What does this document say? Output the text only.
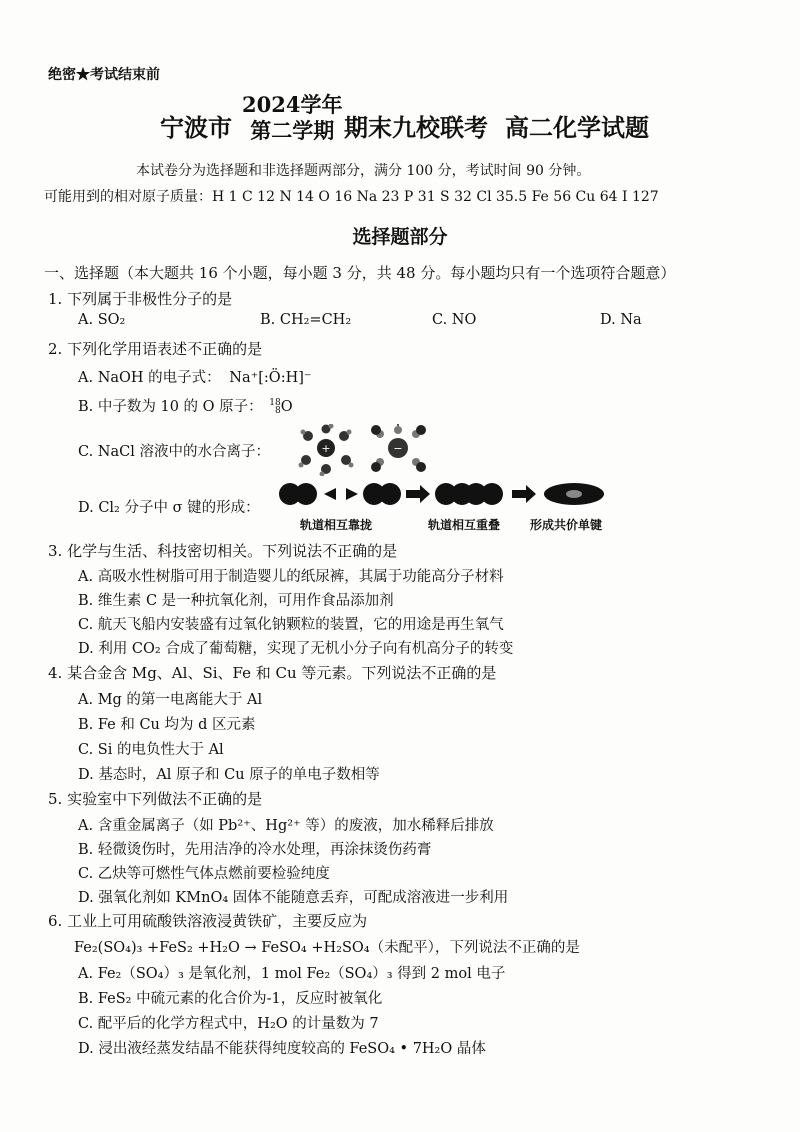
绝密★考试结束前
宁波市
2024学年
第二学期 期末九校联考 高二化学试题
本试卷分为选择题和非选择题两部分，满分 100 分，考试时间 90 分钟。
可能用到的相对原子质量：H 1 C 12 N 14 O 16 Na 23 P 31 S 32 Cl 35.5 Fe 56 Cu 64 I 127
选择题部分
一、选择题（本大题共 16 个小题，每小题 3 分，共 48 分。每小题均只有一个选项符合题意）
1. 下列属于非极性分子的是
A. SO₂	B. CH₂=CH₂	C. NO	D. Na
2. 下列化学用语表述不正确的是
A. NaOH 的电子式： Na⁺[:Ö:H]⁻
B. 中子数为 10 的 O 原子： 18
8 O
C. NaCl 溶液中的水合离子：	+	−
D. Cl₂ 分子中 σ 键的形成：
轨道相互靠拢	轨道相互重叠 形成共价单键
3. 化学与生活、科技密切相关。下列说法不正确的是
A. 高吸水性树脂可用于制造婴儿的纸尿裤，其属于功能高分子材料
B. 维生素 C 是一种抗氧化剂，可用作食品添加剂
C. 航天飞船内安装盛有过氧化钠颗粒的装置，它的用途是再生氧气
D. 利用 CO₂ 合成了葡萄糖，实现了无机小分子向有机高分子的转变
4. 某合金含 Mg、Al、Si、Fe 和 Cu 等元素。下列说法不正确的是
A. Mg 的第一电离能大于 Al
B. Fe 和 Cu 均为 d 区元素
C. Si 的电负性大于 Al
D. 基态时，Al 原子和 Cu 原子的单电子数相等
5. 实验室中下列做法不正确的是
A. 含重金属离子（如 Pb²⁺、Hg²⁺ 等）的废液，加水稀释后排放
B. 轻微烫伤时，先用洁净的冷水处理，再涂抹烫伤药膏
C. 乙炔等可燃性气体点燃前要检验纯度
D. 强氧化剂如 KMnO₄ 固体不能随意丢弃，可配成溶液进一步利用
6. 工业上可用硫酸铁溶液浸黄铁矿，主要反应为
Fe₂(SO₄)₃ +FeS₂ +H₂O → FeSO₄ +H₂SO₄（未配平），下列说法不正确的是
A. Fe₂（SO₄）₃ 是氧化剂，1 mol Fe₂（SO₄）₃ 得到 2 mol 电子
B. FeS₂ 中硫元素的化合价为-1，反应时被氧化
C. 配平后的化学方程式中，H₂O 的计量数为 7
D. 浸出液经蒸发结晶不能获得纯度较高的 FeSO₄ • 7H₂O 晶体
